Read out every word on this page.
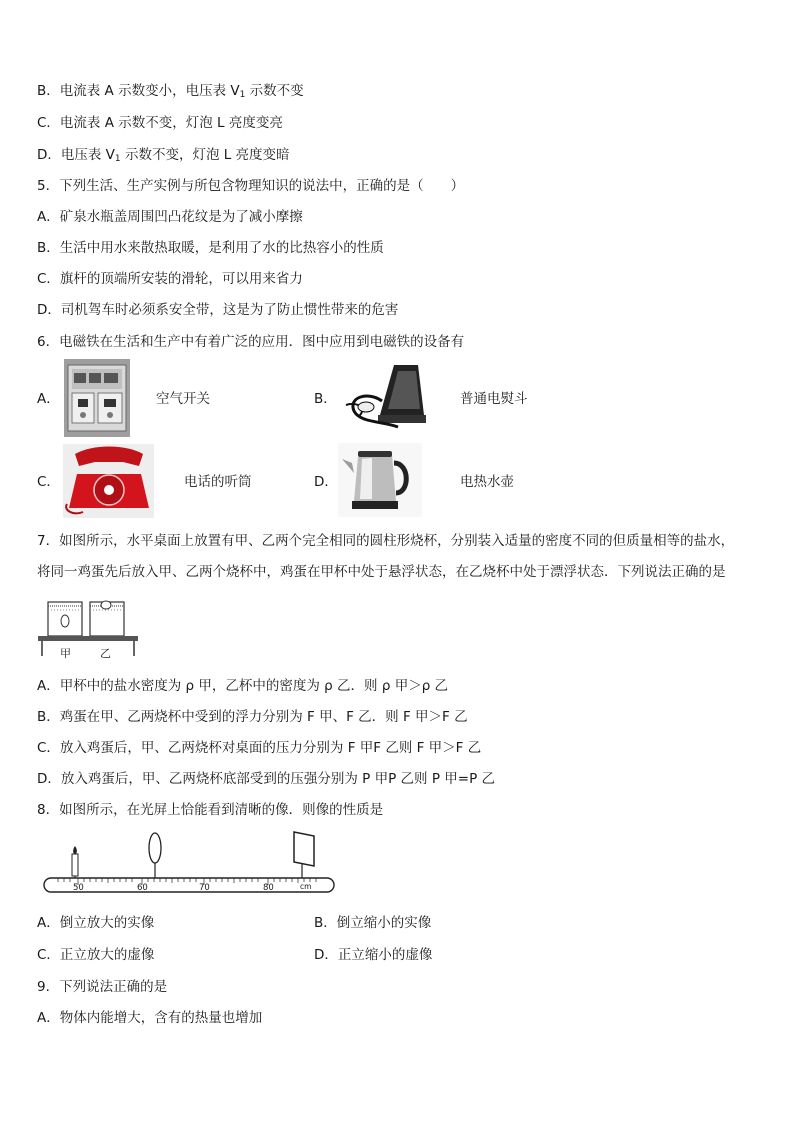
B．电流表 A 示数变小，电压表 $V_1$ 示数不变
C．电流表 A 示数不变，灯泡 L 亮度变亮
D．电压表 $V_1$ 示数不变，灯泡 L 亮度变暗
5．下列生活、生产实例与所包含物理知识的说法中，正确的是（　　）
A．矿泉水瓶盖周围凹凸花纹是为了减小摩擦
B．生活中用水来散热取暖，是利用了水的比热容小的性质
C．旗杆的顶端所安装的滑轮，可以用来省力
D．司机驾车时必须系安全带，这是为了防止惯性带来的危害
6．电磁铁在生活和生产中有着广泛的应用．图中应用到电磁铁的设备有
A．	空气开关	B．	普通电熨斗
C．	电话的听筒	D．	电热水壶
7．如图所示，水平桌面上放置有甲、乙两个完全相同的圆柱形烧杯，分别装入适量的密度不同的但质量相等的盐水，
将同一鸡蛋先后放入甲、乙两个烧杯中，鸡蛋在甲杯中处于悬浮状态，在乙烧杯中处于漂浮状态．下列说法正确的是
甲	乙
A．甲杯中的盐水密度为 ρ 甲，乙杯中的密度为 ρ 乙．则 ρ 甲＞ρ 乙
B．鸡蛋在甲、乙两烧杯中受到的浮力分别为 F 甲、F 乙．则 F 甲＞F 乙
C．放入鸡蛋后，甲、乙两烧杯对桌面的压力分别为 F 甲F 乙则 F 甲＞F 乙
D．放入鸡蛋后，甲、乙两烧杯底部受到的压强分别为 P 甲P 乙则 P 甲=P 乙
8．如图所示，在光屏上恰能看到清晰的像．则像的性质是
50	60	70	80	cm
A．倒立放大的实像	B．倒立缩小的实像
C．正立放大的虚像	D．正立缩小的虚像
9．下列说法正确的是
A．物体内能增大，含有的热量也增加
